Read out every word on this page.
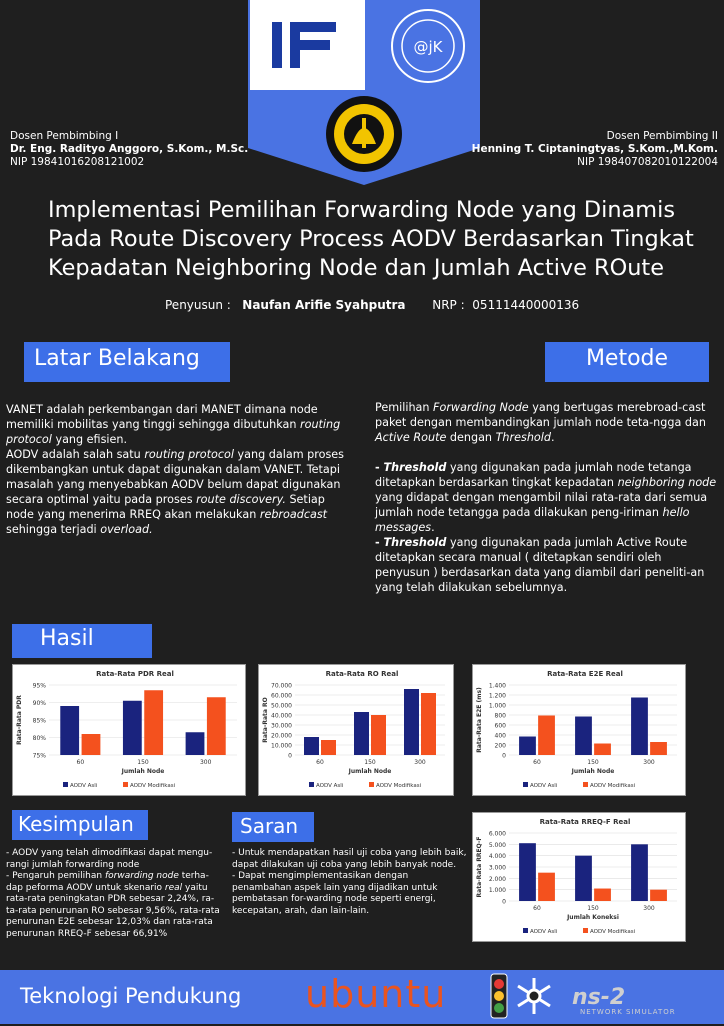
@jK
Dosen Pembimbing I
Dr. Eng. Radityo Anggoro, S.Kom., M.Sc.
NIP 19841016208121002
Dosen Pembimbing II
Henning T. Ciptaningtyas, S.Kom.,M.Kom.
NIP 198407082010122004
Implementasi Pemilihan Forwarding Node yang Dinamis
Pada Route Discovery Process AODV Berdasarkan Tingkat
Kepadatan Neighboring Node dan Jumlah Active ROute
Penyusun : Naufan Arifie Syahputra NRP : 05111440000136
Latar Belakang
VANET adalah perkembangan dari MANET dimana node memiliki mobilitas yang tinggi sehingga dibutuhkan routing protocol yang efisien.
AODV adalah salah satu routing protocol yang dalam proses dikembangkan untuk dapat digunakan dalam VANET. Tetapi masalah yang menyebabkan AODV belum dapat digunakan secara optimal yaitu pada proses route discovery. Setiap node yang menerima RREQ akan melakukan rebroadcast sehingga terjadi overload.
Metode
Pemilihan Forwarding Node yang bertugas merebroad-cast paket dengan membandingkan jumlah node teta-ngga dan Active Route dengan Threshold.

- Threshold yang digunakan pada jumlah node tetanga ditetapkan berdasarkan tingkat kepadatan neighboring node yang didapat dengan mengambil nilai rata-rata dari semua jumlah node tetangga pada dilakukan peng-iriman hello messages.
- Threshold yang digunakan pada jumlah Active Route ditetapkan secara manual ( ditetapkan sendiri oleh penyusun ) berdasarkan data yang diambil dari peneliti-an yang telah dilakukan sebelumnya.
Hasil
Rata-Rata PDR Real
95%
90%
85%
80%
75%
Rata-Rata PDR
60	150	300
Jumlah Node
AODV Asli	AODV Modifikasi
Rata-Rata RO Real
70.000
60.000
50.000
40.000
30.000
20.000
10.000
0
Rata-Rata RO
60	150	300
Jumlah Node
AODV Asli	AODV Modifikasi
Rata-Rata E2E Real
1.400
1.200
1.000
800
600
400
200
0
Rata-Rata E2E (ms)
60	150	300
Jumlah Node
AODV Asli	AODV Modifikasi
Rata-Rata RREQ-F Real
6.000
5.000
4.000
3.000
2.000
1.000
0
Rata-Rata RREQ-F
60	150	300
Jumlah Koneksi
AODV Asli	AODV Modifikasi
Kesimpulan
- AODV yang telah dimodifikasi dapat mengu-rangi jumlah forwarding node
- Pengaruh pemilihan forwarding node terha-dap peforma AODV untuk skenario real yaitu rata-rata peningkatan PDR sebesar 2,24%, ra-ta-rata penurunan RO sebesar 9,56%, rata-rata penurunan E2E sebesar 12,03% dan rata-rata penurunan RREQ-F sebesar 66,91%
Saran
- Untuk mendapatkan hasil uji coba yang lebih baik, dapat dilakukan uji coba yang lebih banyak node.
- Dapat mengimplementasikan dengan penambahan aspek lain yang dijadikan untuk pembatasan for-warding node seperti energi, kecepatan, arah, dan lain-lain.
Teknologi Pendukung ubuntu	ns-2
NETWORK SIMULATOR
